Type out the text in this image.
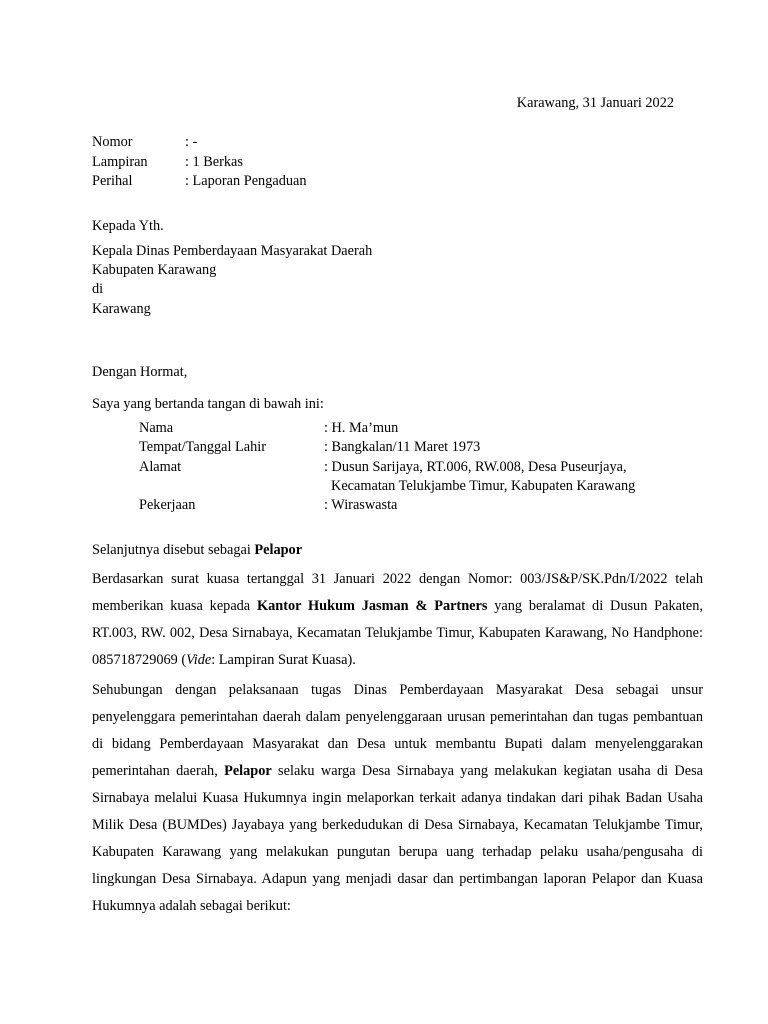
Karawang, 31 Januari 2022
Nomor	: -
Lampiran	: 1 Berkas
Perihal	: Laporan Pengaduan
Kepada Yth.
Kepala Dinas Pemberdayaan Masyarakat Daerah
Kabupaten Karawang
di
Karawang
Dengan Hormat,
Saya yang bertanda tangan di bawah ini:
Nama	: H. Ma’mun
Tempat/Tanggal Lahir	: Bangkalan/11 Maret 1973
Alamat	: Dusun Sarijaya, RT.006, RW.008, Desa Puseurjaya,
Kecamatan Telukjambe Timur, Kabupaten Karawang
Pekerjaan	: Wiraswasta
Selanjutnya disebut sebagai Pelapor

Berdasarkan surat kuasa tertanggal 31 Januari 2022 dengan Nomor: 003/JS&P/SK.Pdn/I/2022 telah memberikan kuasa kepada Kantor Hukum Jasman & Partners yang beralamat di Dusun Pakaten, RT.003, RW. 002, Desa Sirnabaya, Kecamatan Telukjambe Timur, Kabupaten Karawang, No Handphone: 085718729069 (Vide: Lampiran Surat Kuasa).

Sehubungan dengan pelaksanaan tugas Dinas Pemberdayaan Masyarakat Desa sebagai unsur penyelenggara pemerintahan daerah dalam penyelenggaraan urusan pemerintahan dan tugas pembantuan di bidang Pemberdayaan Masyarakat dan Desa untuk membantu Bupati dalam menyelenggarakan pemerintahan daerah, Pelapor selaku warga Desa Sirnabaya yang melakukan kegiatan usaha di Desa Sirnabaya melalui Kuasa Hukumnya ingin melaporkan terkait adanya tindakan dari pihak Badan Usaha Milik Desa (BUMDes) Jayabaya yang berkedudukan di Desa Sirnabaya, Kecamatan Telukjambe Timur, Kabupaten Karawang yang melakukan pungutan berupa uang terhadap pelaku usaha/pengusaha di lingkungan Desa Sirnabaya. Adapun yang menjadi dasar dan pertimbangan laporan Pelapor dan Kuasa Hukumnya adalah sebagai berikut:
